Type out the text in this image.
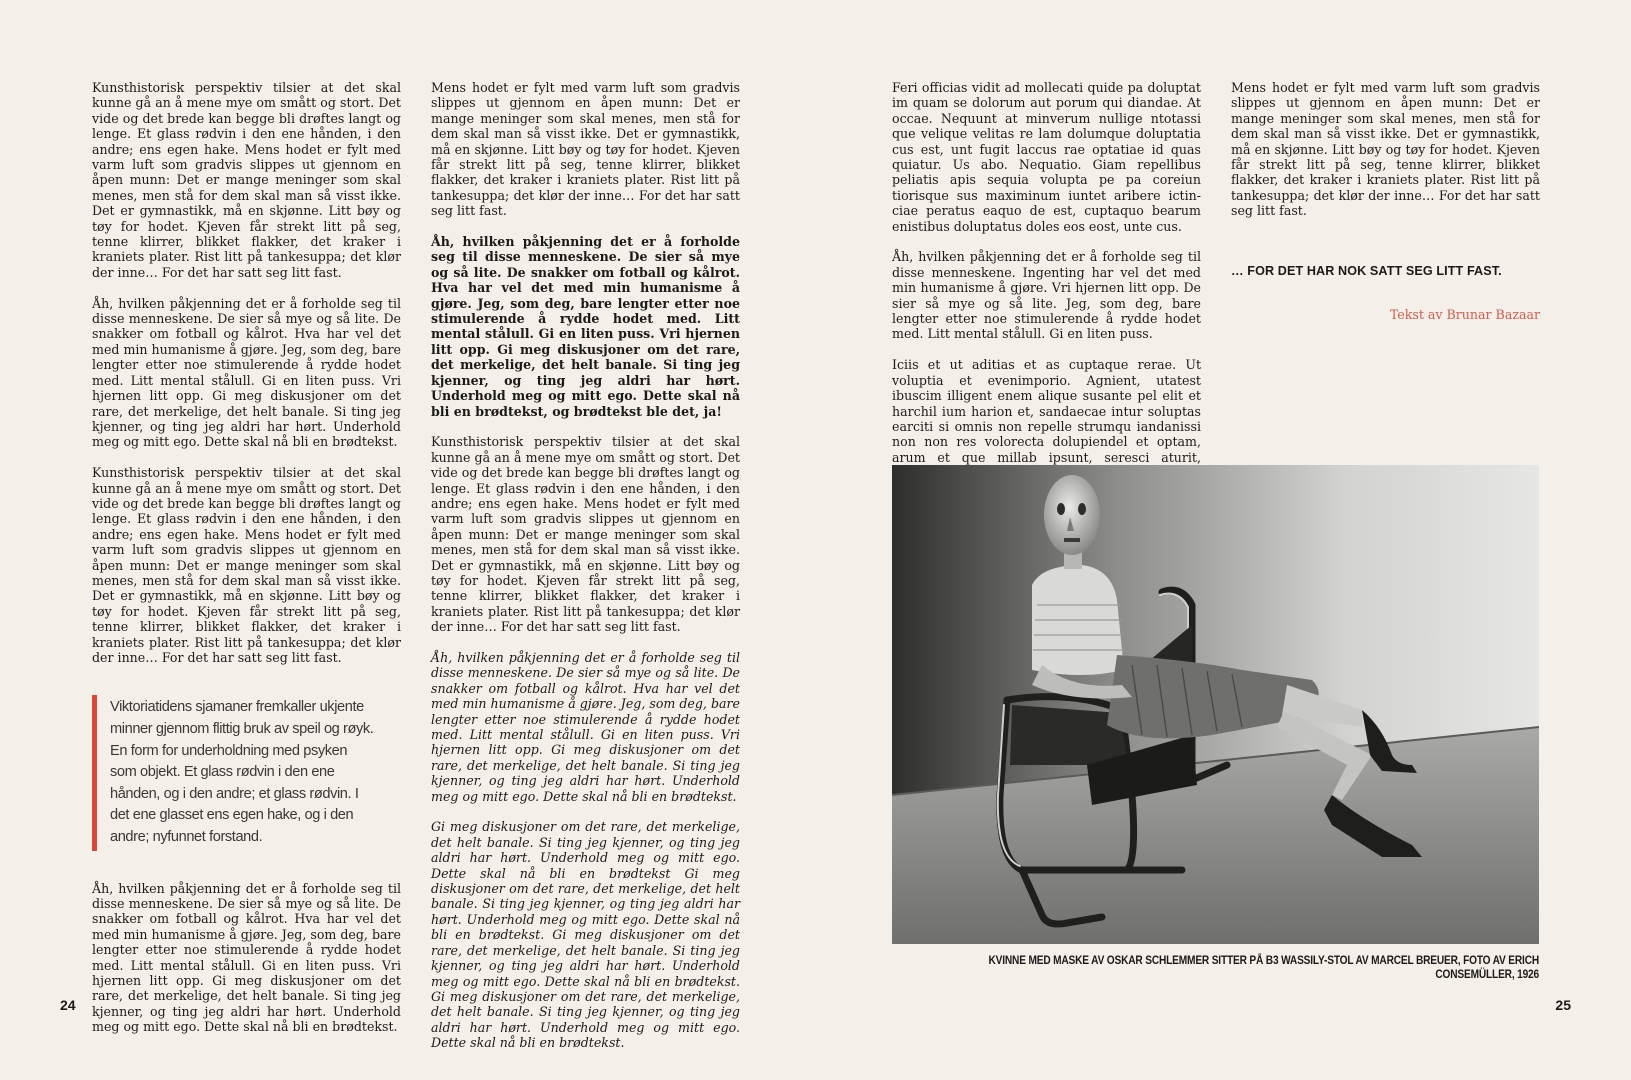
Kunsthistorisk perspektiv tilsier at det skal kunne gå an å mene mye om smått og stort. Det vide og det brede kan begge bli drøftes langt og lenge. Et glass rødvin i den ene hånden, i den andre; ens egen hake. Mens hodet er fylt med varm luft som gradvis slippes ut gjennom en åpen munn: Det er mange meninger som skal menes, men stå for dem skal man så visst ikke. Det er gymnastikk, må en skjønne. Litt bøy og tøy for hodet. Kjeven får strekt litt på seg, tenne klirrer, blikket flakker, det kraker i kraniets plater. Rist litt på tankesuppa; det klør der inne… For det har satt seg litt fast.

Åh, hvilken påkjenning det er å forholde seg til disse menneskene. De sier så mye og så lite. De snakker om fotball og kålrot. Hva har vel det med min humanisme å gjøre. Jeg, som deg, bare lengter etter noe stimulerende å rydde hodet med. Litt mental stålull. Gi en liten puss. Vri hjernen litt opp. Gi meg diskusjoner om det rare, det merkelige, det helt banale. Si ting jeg kjenner, og ting jeg aldri har hørt. Underhold meg og mitt ego. Dette skal nå bli en brødtekst.

Kunsthistorisk perspektiv tilsier at det skal kunne gå an å mene mye om smått og stort. Det vide og det brede kan begge bli drøftes langt og lenge. Et glass rødvin i den ene hånden, i den andre; ens egen hake. Mens hodet er fylt med varm luft som gradvis slippes ut gjennom en åpen munn: Det er mange meninger som skal menes, men stå for dem skal man så visst ikke. Det er gymnastikk, må en skjønne. Litt bøy og tøy for hodet. Kjeven får strekt litt på seg, tenne klirrer, blikket flakker, det kraker i kraniets plater. Rist litt på tankesuppa; det klør der inne… For det har satt seg litt fast.

Viktoriatidens sjamaner fremkaller ukjente minner gjennom flittig bruk av speil og røyk. En form for underholdning med psyken som objekt. Et glass rødvin i den ene hånden, og i den andre; et glass rødvin. I det ene glasset ens egen hake, og i den andre; nyfunnet forstand.

Åh, hvilken påkjenning det er å forholde seg til disse menneskene. De sier så mye og så lite. De snakker om fotball og kålrot. Hva har vel det med min humanisme å gjøre. Jeg, som deg, bare lengter etter noe stimulerende å rydde hodet med. Litt mental stålull. Gi en liten puss. Vri hjernen litt opp. Gi meg diskusjoner om det rare, det merkelige, det helt banale. Si ting jeg kjenner, og ting jeg aldri har hørt. Underhold meg og mitt ego. Dette skal nå bli en brødtekst.

Mens hodet er fylt med varm luft som gradvis slippes ut gjennom en åpen munn: Det er mange meninger som skal menes, men stå for dem skal man så visst ikke. Det er gymnastikk, må en skjønne. Litt bøy og tøy for hodet. Kjeven får strekt litt på seg, tenne klirrer, blikket flakker, det kraker i kraniets plater. Rist litt på tankesuppa; det klør der inne… For det har satt seg litt fast.

Åh, hvilken påkjenning det er å forholde seg til disse menneskene. De sier så mye og så lite. De snakker om fotball og kålrot. Hva har vel det med min humanisme å gjøre. Jeg, som deg, bare lengter etter noe stimulerende å rydde hodet med. Litt mental stålull. Gi en liten puss. Vri hjernen litt opp. Gi meg diskusjoner om det rare, det merkelige, det helt banale. Si ting jeg kjenner, og ting jeg aldri har hørt. Underhold meg og mitt ego. Dette skal nå bli en brødtekst, og brødtekst ble det, ja!

Kunsthistorisk perspektiv tilsier at det skal kunne gå an å mene mye om smått og stort. Det vide og det brede kan begge bli drøftes langt og lenge. Et glass rødvin i den ene hånden, i den andre; ens egen hake. Mens hodet er fylt med varm luft som gradvis slippes ut gjennom en åpen munn: Det er mange meninger som skal menes, men stå for dem skal man så visst ikke. Det er gymnastikk, må en skjønne. Litt bøy og tøy for hodet. Kjeven får strekt litt på seg, tenne klirrer, blikket flakker, det kraker i kraniets plater. Rist litt på tankesuppa; det klør der inne… For det har satt seg litt fast.

Åh, hvilken påkjenning det er å forholde seg til disse menneskene. De sier så mye og så lite. De snakker om fotball og kålrot. Hva har vel det med min humanisme å gjøre. Jeg, som deg, bare lengter etter noe stimulerende å rydde hodet med. Litt mental stålull. Gi en liten puss. Vri hjernen litt opp. Gi meg diskusjoner om det rare, det merkelige, det helt banale. Si ting jeg kjenner, og ting jeg aldri har hørt. Underhold meg og mitt ego. Dette skal nå bli en brødtekst.

Gi meg diskusjoner om det rare, det merkelige, det helt banale. Si ting jeg kjenner, og ting jeg aldri har hørt. Underhold meg og mitt ego. Dette skal nå bli en brødtekst Gi meg diskusjoner om det rare, det merkelige, det helt banale. Si ting jeg kjenner, og ting jeg aldri har hørt. Underhold meg og mitt ego. Dette skal nå bli en brødtekst. Gi meg diskusjoner om det rare, det merkelige, det helt banale. Si ting jeg kjenner, og ting jeg aldri har hørt. Underhold meg og mitt ego. Dette skal nå bli en brødtekst. Gi meg diskusjoner om det rare, det merkelige, det helt banale. Si ting jeg kjenner, og ting jeg aldri har hørt. Underhold meg og mitt ego. Dette skal nå bli en brødtekst.

24

Feri officias vidit ad mollecati quide pa doluptat im quam se dolorum aut porum qui diandae. At occae. Nequunt at minverum nullige ntotassi que velique velitas re lam dolumque doluptatia cus est, unt fugit laccus rae optatiae id quas quiatur. Us abo. Nequatio. Giam repellibus peliatis apis sequia volupta pe pa coreiun tiorisque sus maximinum iuntet aribere ictinciae peratus eaquo de est, cuptaquo bearum enistibus doluptatus doles eos eost, unte cus.

Åh, hvilken påkjenning det er å forholde seg til disse menneskene. Ingenting har vel det med min humanisme å gjøre. Vri hjernen litt opp. De sier så mye og så lite. Jeg, som deg, bare lengter etter noe stimulerende å rydde hodet med. Litt mental stålull. Gi en liten puss.

Iciis et ut aditias et as cuptaque rerae. Ut voluptia et evenimporio. Agnient, utatest ibuscim illigent enem alique susante pel elit et harchil ium harion et, sandaecae intur soluptas earciti si omnis non repelle strumqu iandanissi non non res volorecta dolupiendel et optam, arum et que millab ipsunt, seresci aturit,

Mens hodet er fylt med varm luft som gradvis slippes ut gjennom en åpen munn: Det er mange meninger som skal menes, men stå for dem skal man så visst ikke. Det er gymnastikk, må en skjønne. Litt bøy og tøy for hodet. Kjeven får strekt litt på seg, tenne klirrer, blikket flakker, det kraker i kraniets plater. Rist litt på tankesuppa; det klør der inne… For det har satt seg litt fast.

… FOR DET HAR NOK SATT SEG LITT FAST.
Tekst av Brunar Bazaar
KVINNE MED MASKE AV OSKAR SCHLEMMER SITTER PÅ B3 WASSILY-STOL AV MARCEL BREUER, FOTO AV ERICH CONSEMÜLLER, 1926
25
